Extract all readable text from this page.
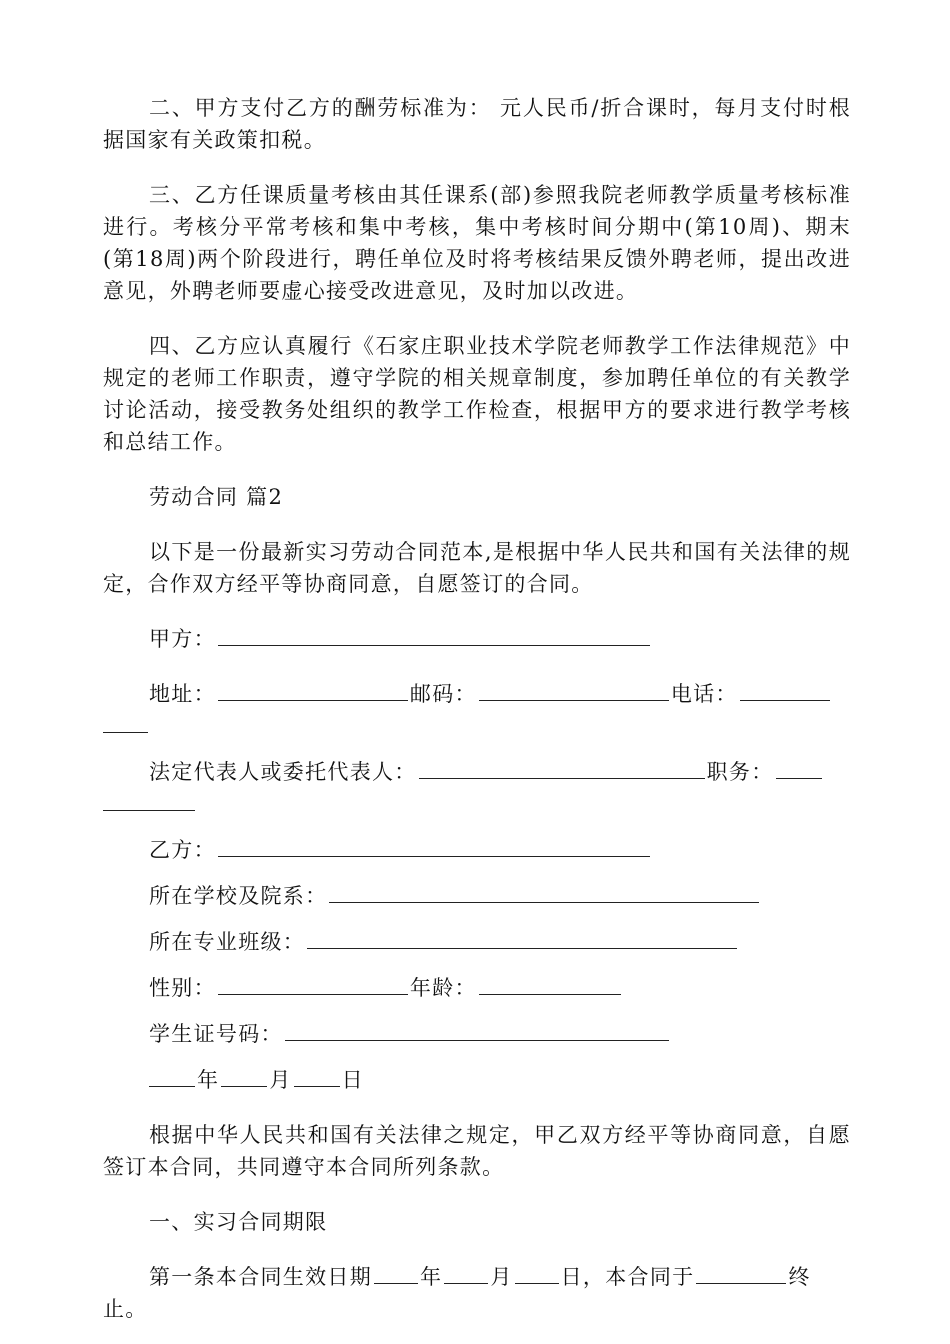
二、甲方支付乙方的酬劳标准为： 元人民币/折合课时，每月支付时根据国家有关政策扣税。

三、乙方任课质量考核由其任课系(部)参照我院老师教学质量考核标准进行。考核分平常考核和集中考核，集中考核时间分期中(第10周)、期末(第18周)两个阶段进行，聘任单位及时将考核结果反馈外聘老师，提出改进意见，外聘老师要虚心接受改进意见，及时加以改进。

四、乙方应认真履行《石家庄职业技术学院老师教学工作法律规范》中规定的老师工作职责，遵守学院的相关规章制度，参加聘任单位的有关教学讨论活动，接受教务处组织的教学工作检查，根据甲方的要求进行教学考核和总结工作。

劳动合同 篇2

以下是一份最新实习劳动合同范本,是根据中华人民共和国有关法律的规定，合作双方经平等协商同意，自愿签订的合同。

甲方：

地址：	邮码：	电话：

法定代表人或委托代表人：	职务：

乙方：

所在学校及院系：

所在专业班级：

性别：	年龄：

学生证号码：

年 月 日

根据中华人民共和国有关法律之规定，甲乙双方经平等协商同意，自愿签订本合同，共同遵守本合同所列条款。

一、实习合同期限

第一条本合同生效日期 年 月 日，本合同于	终

止。
